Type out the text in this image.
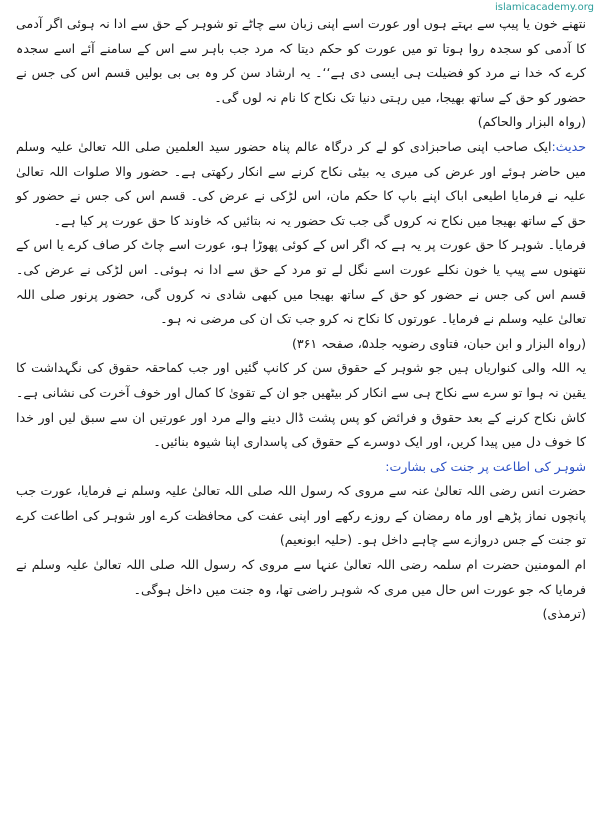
islamicacademy.org

نتھنے خون یا پیپ سے بہتے ہوں اور عورت اسے اپنی زبان سے چاٹے تو شوہر کے حق سے ادا نہ ہوئی اگر آدمی کا آدمی کو سجدہ روا ہوتا تو میں عورت کو حکم دیتا کہ مرد جب باہر سے اس کے سامنے آئے اسے سجدہ کرے کہ خدا نے مرد کو فضیلت ہی ایسی دی ہے‘‘۔ یہ ارشاد سن کر وہ بی بی بولیں قسم اس کی جس نے حضور کو حق کے ساتھ بھیجا، میں رہتی دنیا تک نکاح کا نام نہ لوں گی۔

(رواہ البزار والحاکم)

حدیث:ایک صاحب اپنی صاحبزادی کو لے کر درگاہ عالم پناہ حضور سید العلمین صلی اللہ تعالیٰ علیہ وسلم میں حاضر ہوئے اور عرض کی میری یہ بیٹی نکاح کرنے سے انکار رکھتی ہے۔ حضور والا صلوات اللہ تعالیٰ علیہ نے فرمایا اطیعی اباک اپنے باپ کا حکم مان، اس لڑکی نے عرض کی۔ قسم اس کی جس نے حضور کو حق کے ساتھ بھیجا میں نکاح نہ کروں گی جب تک حضور یہ نہ بتائیں کہ خاوند کا حق عورت پر کیا ہے۔

فرمایا۔ شوہر کا حق عورت پر یہ ہے کہ اگر اس کے کوئی پھوڑا ہو، عورت اسے چاٹ کر صاف کرے یا اس کے نتھنوں سے پیپ یا خون نکلے عورت اسے نگل لے تو مرد کے حق سے ادا نہ ہوئی۔ اس لڑکی نے عرض کی۔ قسم اس کی جس نے حضور کو حق کے ساتھ بھیجا میں کبھی شادی نہ کروں گی، حضور پرنور صلی اللہ تعالیٰ علیہ وسلم نے فرمایا۔ عورتوں کا نکاح نہ کرو جب تک ان کی مرضی نہ ہو۔

(رواہ البزار و ابن حبان، فتاوی رضویہ جلد۵، صفحہ ۳۶۱)

یہ اللہ والی کنواریاں ہیں جو شوہر کے حقوق سن کر کانپ گئیں اور جب کماحقہ حقوق کی نگہداشت کا یقین نہ ہوا تو سرے سے نکاح ہی سے انکار کر بیٹھیں جو ان کے تقویٰ کا کمال اور خوف آخرت کی نشانی ہے۔ کاش نکاح کرنے کے بعد حقوق و فرائض کو پس پشت ڈال دینے والے مرد اور عورتیں ان سے سبق لیں اور خدا کا خوف دل میں پیدا کریں، اور ایک دوسرے کے حقوق کی پاسداری اپنا شیوہ بنائیں۔

شوہر کی اطاعت پر جنت کی بشارت:

حضرت انس رضی اللہ تعالیٰ عنہ سے مروی کہ رسول اللہ صلی اللہ تعالیٰ علیہ وسلم نے فرمایا، عورت جب پانچوں نماز پڑھے اور ماہ رمضان کے روزے رکھے اور اپنی عفت کی محافظت کرے اور شوہر کی اطاعت کرے تو جنت کے جس دروازے سے چاہے داخل ہو۔ (حلیہ ابونعیم)

ام المومنین حضرت ام سلمہ رضی اللہ تعالیٰ عنہا سے مروی کہ رسول اللہ صلی اللہ تعالیٰ علیہ وسلم نے فرمایا کہ جو عورت اس حال میں مری کہ شوہر راضی تھا، وہ جنت میں داخل ہوگی۔

(ترمذی)
